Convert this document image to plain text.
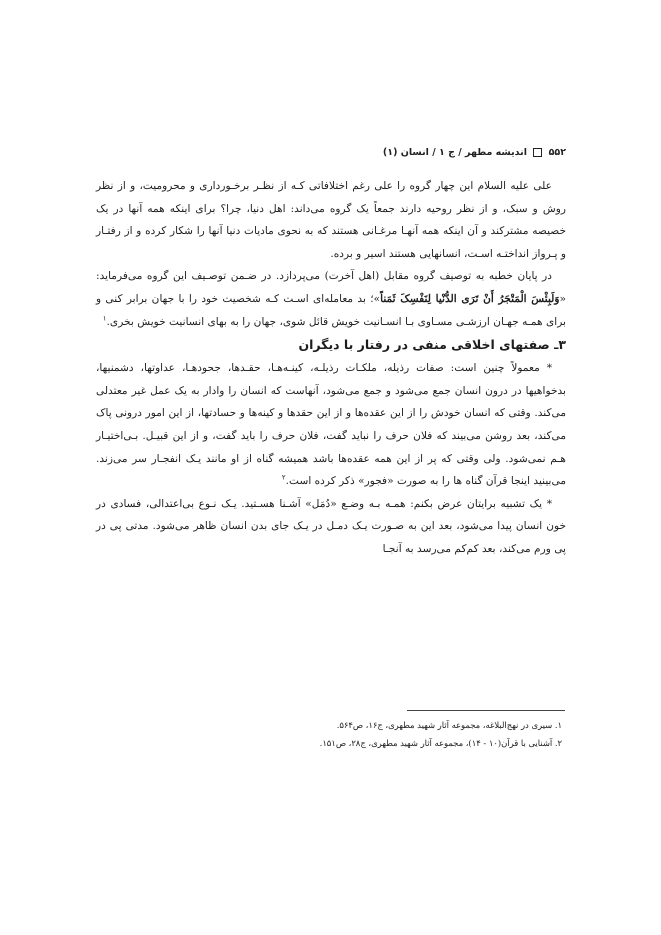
۵۵۲  اندیشه مطهر / ج ۱ / انسان (۱)

علی علیه السلام این چهار گروه را علی رغم اختلافاتی کـه از نظـر برخـورداری و محرومیت، و از نظر روش و سبک، و از نظر روحیه دارند جمعاً یک گروه می‌داند: اهل دنیا، چرا؟ برای اینکه همه آنها در یک خصیصه مشترکند و آن اینکه همه آنهـا مرغـانی هستند که به نحوی مادیات دنیا آنها را شکار کرده و از رفتـار و پـرواز انداختـه اسـت، انسانهایی هستند اسیر و برده.

در پایان خطبه به توصیف گروه مقابل (اهل آخرت) می‌پردازد. در ضـمن توصـیف این گروه می‌فرماید: «وَلَبِئْسَ الْمَتْجَرُ أَنْ تَرَى الدُّنْیا لِنَفْسِکَ ثَمَناً»؛ بد معامله‌ای اسـت کـه شخصیت خود را با جهان برابر کنی و برای همـه جهـان ارزشـی مسـاوی بـا انسـانیت خویش قائل شوی، جهان را به بهای انسانیت خویش بخری.$^۱$

۳ـ صفتهای اخلاقی منفی در رفتار با دیگران

* معمولاً چنین است: صفات رذیله، ملکـات رذیلـه، کینـه‌هـا، حقـدها، جحودهـا، عداوتها، دشمنیها، بدخواهیها در درون انسان جمع می‌شود و جمع می‌شود، آنهاست که انسان را وادار به یک عمل غیر معتدلی می‌کند. وقتی که انسان خودش را از این عقده‌ها و از این حقدها و کینه‌ها و حسادتها، از این امور درونی پاک می‌کند، بعد روشن می‌بیند که فلان حرف را نباید گفت، فلان حرف را باید گفت، و از این قبیـل. بـی‌اختیـار هـم نمی‌شود. ولی وقتی که پر از این همه عقده‌ها باشد همیشه گناه از او مانند یـک انفجـار سر می‌زند. می‌بینید اینجا قرآن گناه ها را به صورت «فجور» ذکر کرده است.$^۲$

* یک تشبیه برایتان عرض بکنم: همـه بـه وضـع «دُمَل» آشـنا هسـتید. یـک نـوع بی‌اعتدالی، فسادی در خون انسان پیدا می‌شود، بعد این به صـورت یـک دمـل در یـک جای بدن انسان ظاهر می‌شود. مدتی پی در پی ورم می‌کند، بعد کم‌کم می‌رسد به آنجـا

۱. سیری در نهج‌البلاغه، مجموعه آثار شهید مطهری، ج۱۶، ص۵۶۴.
۲. آشنایی با قرآن(۱۰ - ۱۴)، مجموعه آثار شهید مطهری، ج۲۸، ص۱۵۱.
